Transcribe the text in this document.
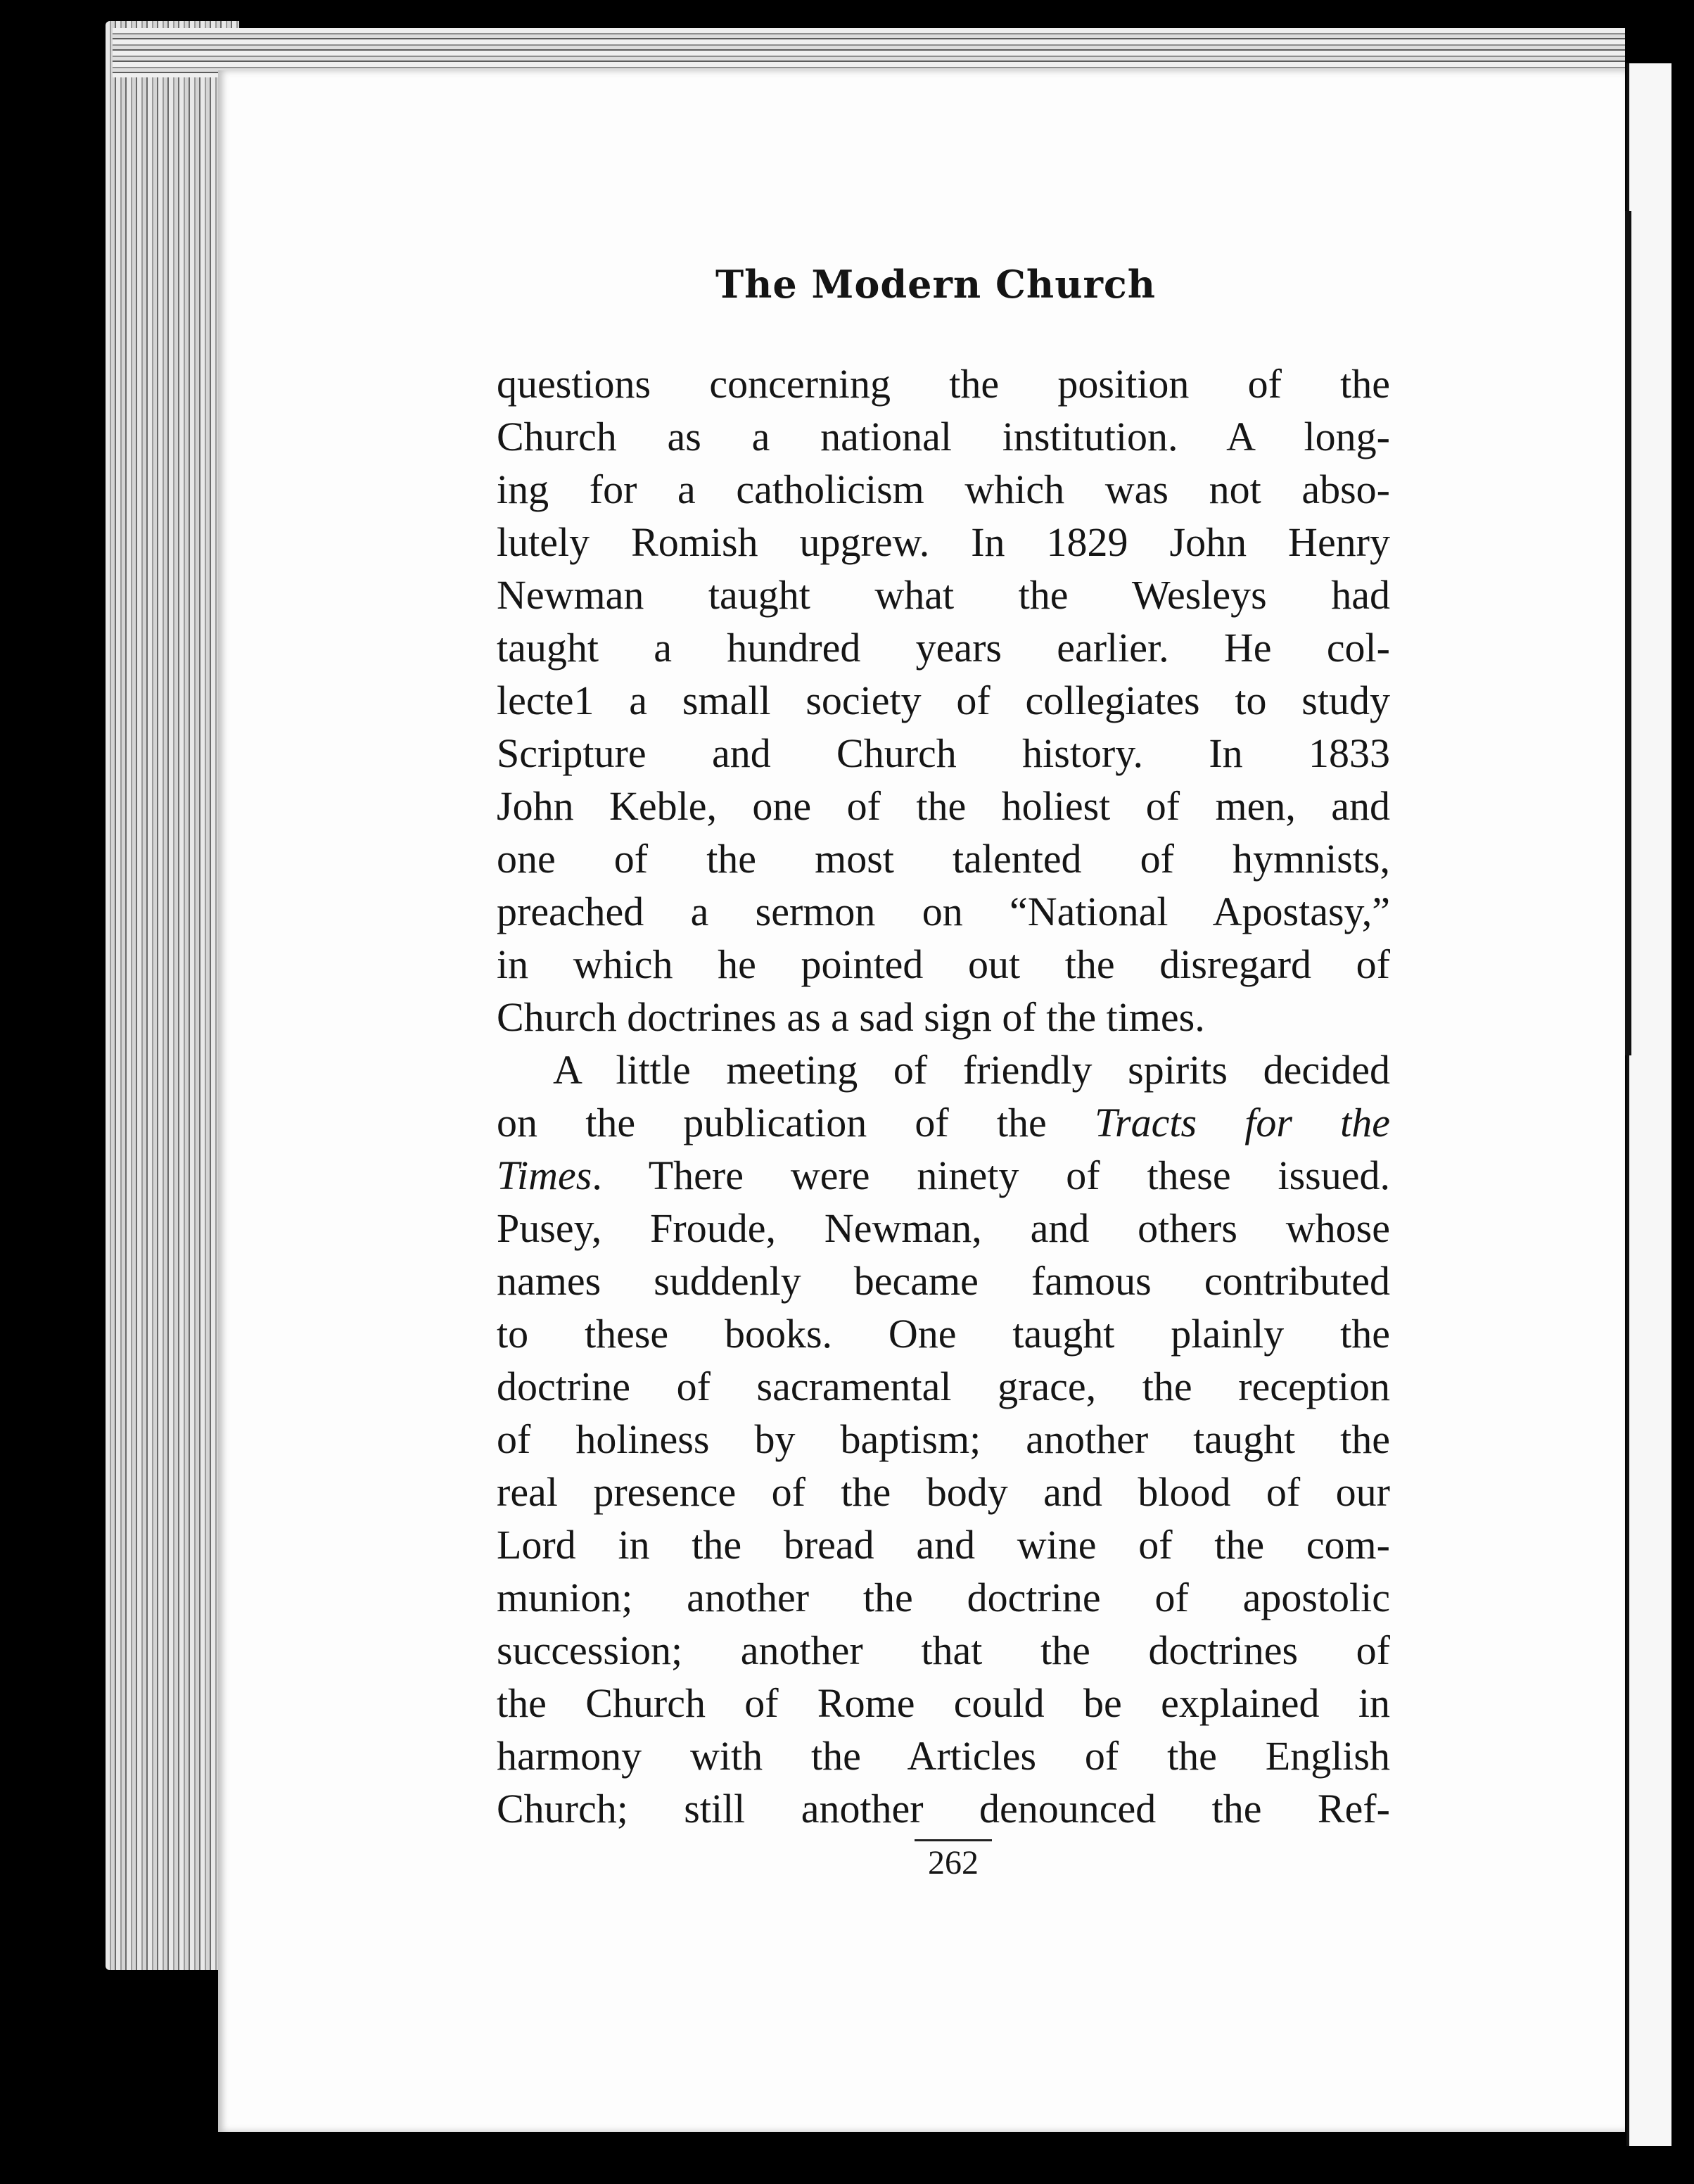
The Modern Church
questions concerning the position of the
Church as a national institution. A long-
ing for a catholicism which was not abso-
lutely Romish upgrew. In 1829 John Henry
Newman taught what the Wesleys had
taught a hundred years earlier. He col-
lecte1 a small society of collegiates to study
Scripture and Church history. In 1833
John Keble, one of the holiest of men, and
one of the most talented of hymnists,
preached a sermon on “National Apostasy,”
in which he pointed out the disregard of
Church doctrines as a sad sign of the times.
A little meeting of friendly spirits decided
on the publication of the Tracts for the
Times. There were ninety of these issued.
Pusey, Froude, Newman, and others whose
names suddenly became famous contributed
to these books. One taught plainly the
doctrine of sacramental grace, the reception
of holiness by baptism; another taught the
real presence of the body and blood of our
Lord in the bread and wine of the com-
munion; another the doctrine of apostolic
succession; another that the doctrines of
the Church of Rome could be explained in
harmony with the Articles of the English
Church; still another denounced the Ref-
262
